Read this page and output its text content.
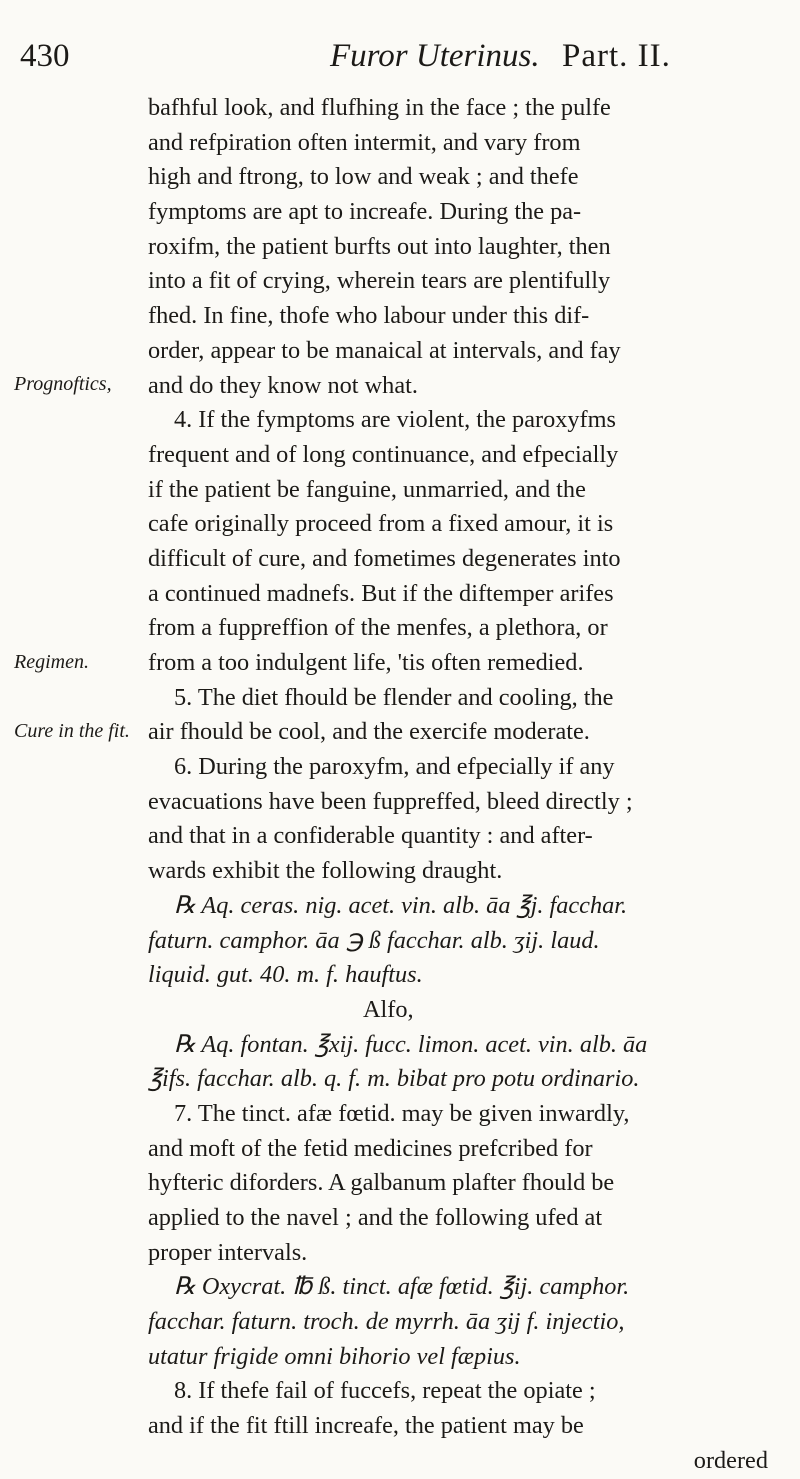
430	Furor Uterinus. Part. II.
Prognoftics,
Regimen.
Cure in the fit.
bafhful look, and flufhing in the face ; the pulfe
and refpiration often intermit, and vary from
high and ftrong, to low and weak ; and thefe
fymptoms are apt to increafe. During the pa-
roxifm, the patient burfts out into laughter, then
into a fit of crying, wherein tears are plentifully
fhed. In fine, thofe who labour under this dif-
order, appear to be manaical at intervals, and fay
and do they know not what.
4. If the fymptoms are violent, the paroxyfms
frequent and of long continuance, and efpecially
if the patient be fanguine, unmarried, and the
cafe originally proceed from a fixed amour, it is
difficult of cure, and fometimes degenerates into
a continued madnefs. But if the diftemper arifes
from a fuppreffion of the menfes, a plethora, or
from a too indulgent life, 'tis often remedied.
5. The diet fhould be flender and cooling, the
air fhould be cool, and the exercife moderate.
6. During the paroxyfm, and efpecially if any
evacuations have been fuppreffed, bleed directly ;
and that in a confiderable quantity : and after-
wards exhibit the following draught.
℞ Aq. ceras. nig. acet. vin. alb. āa ℥j. facchar.
faturn. camphor. āa ℈ ß facchar. alb. ʒij. laud.
liquid. gut. 40. m. f. hauftus.
Alfo,
℞ Aq. fontan. ℥xij. fucc. limon. acet. vin. alb. āa
℥ifs. facchar. alb. q. f. m. bibat pro potu ordinario.
7. The tinct. afæ fœtid. may be given inwardly,
and moft of the fetid medicines prefcribed for
hyfteric diforders. A galbanum plafter fhould be
applied to the navel ; and the following ufed at
proper intervals.
℞ Oxycrat. ℔ ß. tinct. afæ fœtid. ℥ij. camphor.
facchar. faturn. troch. de myrrh. āa ʒij f. injectio,
utatur frigide omni bihorio vel fæpius.
8. If thefe fail of fuccefs, repeat the opiate ;
and if the fit ftill increafe, the patient may be
ordered
